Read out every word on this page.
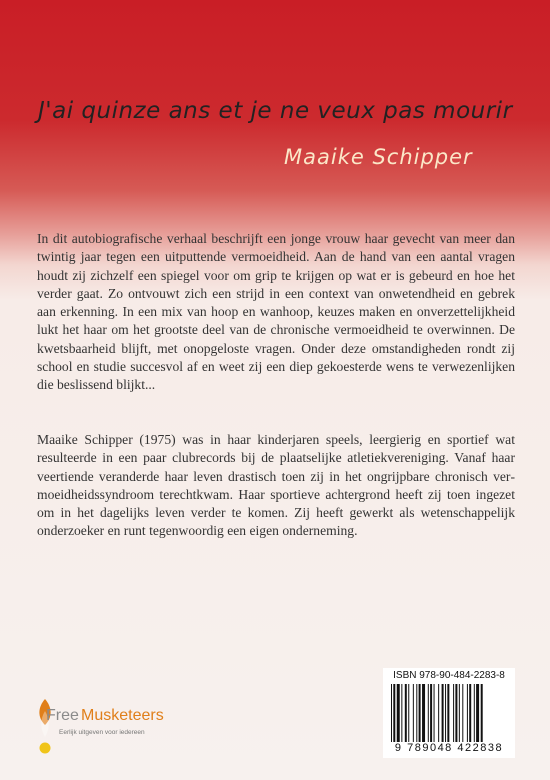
J'ai quinze ans et je ne veux pas mourir
Maaike Schipper
In dit autobiografische verhaal beschrijft een jonge vrouw haar gevecht van meer dan twintig jaar tegen een uitputtende vermoeidheid. Aan de hand van een aantal vragen houdt zij zichzelf een spiegel voor om grip te krijgen op wat er is gebeurd en hoe het verder gaat. Zo ontvouwt zich een strijd in een context van onwetendheid en gebrek aan erkenning. In een mix van hoop en wanhoop, keuzes maken en onverzettelijkheid lukt het haar om het grootste deel van de chronische vermoeidheid te overwinnen. De kwetsbaarheid blijft, met onopgeloste vragen. Onder deze omstandigheden rondt zij school en studie succesvol af en weet zij een diep gekoesterde wens te verwezenlijken die beslissend blijkt...
Maaike Schipper (1975) was in haar kinderjaren speels, leergierig en sportief wat resulteerde in een paar clubrecords bij de plaatselijke atletiekvereniging. Vanaf haar veertiende veranderde haar leven drastisch toen zij in het ongrijpbare chronisch vermoeidheidssyndroom terechtkwam. Haar sportieve achtergrond heeft zij toen ingezet om in het dagelijks leven verder te komen. Zij heeft gewerkt als wetenschappelijk onderzoeker en runt tegenwoordig een eigen onderneming.
Free Musketeers
Eerlijk uitgeven voor iedereen
ISBN 978-90-484-2283-8
9 789048 422838
